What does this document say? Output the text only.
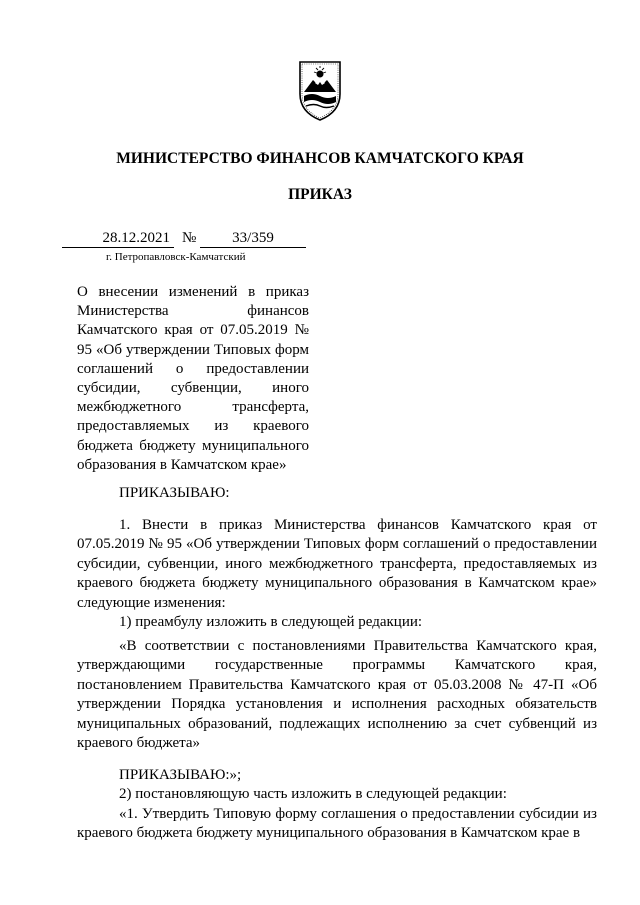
МИНИСТЕРСТВО ФИНАНСОВ КАМЧАТСКОГО КРАЯ
ПРИКАЗ
28.12.2021 №	33/359
г. Петропавловск-Камчатский
О внесении изменений в приказ Министерства финансов Камчатского края от 07.05.2019 № 95 «Об утверждении Типовых форм соглашений о предоставлении субсидии, субвенции, иного межбюджетного трансферта, предоставляемых из краевого бюджета бюджету муниципального образования в Камчатском крае»

ПРИКАЗЫВАЮ:

1. Внести в приказ Министерства финансов Камчатского края от 07.05.2019 № 95 «Об утверждении Типовых форм соглашений о предоставлении субсидии, субвенции, иного межбюджетного трансферта, предоставляемых из краевого бюджета бюджету муниципального образования в Камчатском крае» следующие изменения:

1) преамбулу изложить в следующей редакции:

«В соответствии с постановлениями Правительства Камчатского края, утверждающими государственные программы Камчатского края, постановлением Правительства Камчатского края от 05.03.2008 № 47-П «Об утверждении Порядка установления и исполнения расходных обязательств муниципальных образований, подлежащих исполнению за счет субвенций из краевого бюджета»

ПРИКАЗЫВАЮ:»;

2) постановляющую часть изложить в следующей редакции:

«1. Утвердить Типовую форму соглашения о предоставлении субсидии из краевого бюджета бюджету муниципального образования в Камчатском крае в
